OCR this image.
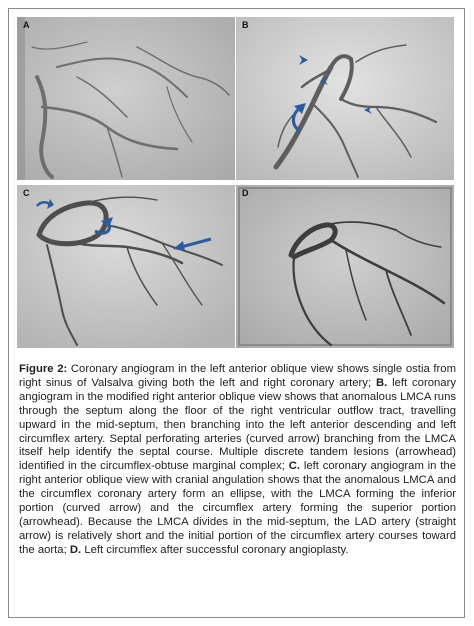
A	B
C	D
Figure 2: Coronary angiogram in the left anterior oblique view shows single ostia from right sinus of Valsalva giving both the left and right coronary artery; B. left coronary angiogram in the modified right anterior oblique view shows that anomalous LMCA runs through the septum along the floor of the right ventricular outflow tract, travelling upward in the mid-septum, then branching into the left anterior descending and left circumflex artery. Septal perforating arteries (curved arrow) branching from the LMCA itself help identify the septal course. Multiple discrete tandem lesions (arrowhead) identified in the circumflex-obtuse marginal complex; C. left coronary angiogram in the right anterior oblique view with cranial angulation shows that the anomalous LMCA and the circumflex coronary artery form an ellipse, with the LMCA forming the inferior portion (curved arrow) and the circumflex artery forming the superior portion (arrowhead). Because the LMCA divides in the mid-septum, the LAD artery (straight arrow) is relatively short and the initial portion of the circumflex artery courses toward the aorta; D. Left circumflex after successful coronary angioplasty.
